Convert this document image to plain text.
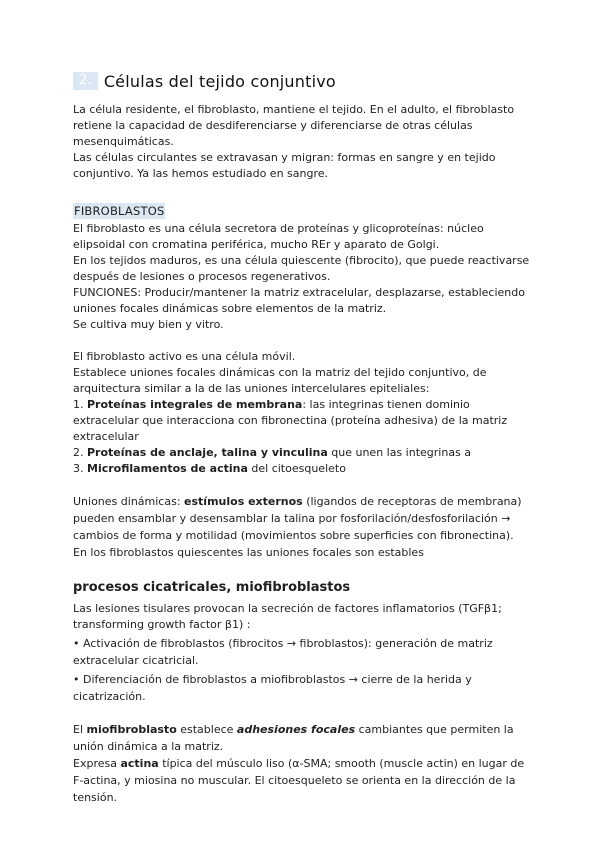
2. Células del tejido conjuntivo

La célula residente, el fibroblasto, mantiene el tejido. En el adulto, el fibroblasto retiene la capacidad de desdiferenciarse y diferenciarse de otras células mesenquimáticas.

Las células circulantes se extravasan y migran: formas en sangre y en tejido conjuntivo. Ya las hemos estudiado en sangre.

FIBROBLASTOS

El fibroblasto es una célula secretora de proteínas y glicoproteínas: núcleo elipsoidal con cromatina periférica, mucho REr y aparato de Golgi.

En los tejidos maduros, es una célula quiescente (fibrocito), que puede reactivarse después de lesiones o procesos regenerativos.

FUNCIONES: Producir/mantener la matriz extracelular, desplazarse, estableciendo uniones focales dinámicas sobre elementos de la matriz.

Se cultiva muy bien y vitro.

El fibroblasto activo es una célula móvil.

Establece uniones focales dinámicas con la matriz del tejido conjuntivo, de arquitectura similar a la de las uniones intercelulares epiteliales:

1. Proteínas integrales de membrana: las integrinas tienen dominio extracelular que interacciona con fibronectina (proteína adhesiva) de la matriz extracelular

2. Proteínas de anclaje, talina y vinculina que unen las integrinas a

3. Microfilamentos de actina del citoesqueleto

Uniones dinámicas: estímulos externos (ligandos de receptoras de membrana) pueden ensamblar y desensamblar la talina por fosforilación/desfosforilación → cambios de forma y motilidad (movimientos sobre superficies con fibronectina).

En los fibroblastos quiescentes las uniones focales son estables

procesos cicatricales, miofibroblastos

Las lesiones tisulares provocan la secreción de factores inflamatorios (TGFβ1; transforming growth factor β1) :

• Activación de fibroblastos (fibrocitos → fibroblastos): generación de matriz extracelular cicatricial.

• Diferenciación de fibroblastos a miofibroblastos → cierre de la herida y cicatrización.

El miofibroblasto establece adhesiones focales cambiantes que permiten la unión dinámica a la matriz.

Expresa actina típica del músculo liso (α-SMA; smooth (muscle actin) en lugar de F-actina, y miosina no muscular. El citoesqueleto se orienta en la dirección de la tensión.
